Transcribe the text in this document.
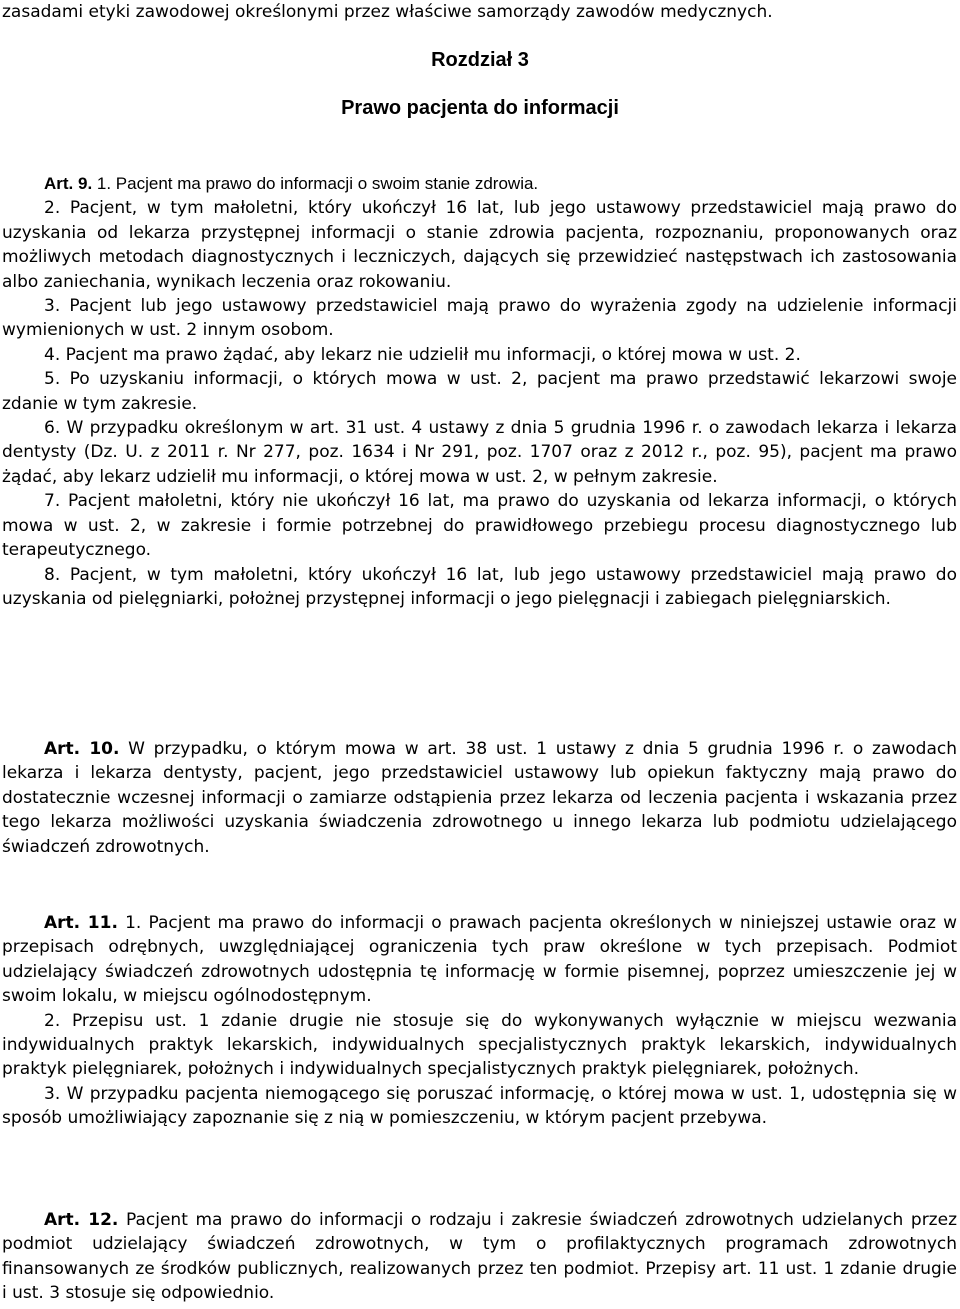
zasadami etyki zawodowej określonymi przez właściwe samorządy zawodów medycznych.

Rozdział 3
Prawo pacjenta do informacji

Art. 9. 1. Pacjent ma prawo do informacji o swoim stanie zdrowia.

2. Pacjent, w tym małoletni, który ukończył 16 lat, lub jego ustawowy przedstawiciel mają prawo do uzyskania od lekarza przystępnej informacji o stanie zdrowia pacjenta, rozpoznaniu, proponowanych oraz możliwych metodach diagnostycznych i leczniczych, dających się przewidzieć następstwach ich zastosowania albo zaniechania, wynikach leczenia oraz rokowaniu.

3. Pacjent lub jego ustawowy przedstawiciel mają prawo do wyrażenia zgody na udzielenie informacji wymienionych w ust. 2 innym osobom.

4. Pacjent ma prawo żądać, aby lekarz nie udzielił mu informacji, o której mowa w ust. 2.

5. Po uzyskaniu informacji, o których mowa w ust. 2, pacjent ma prawo przedstawić lekarzowi swoje zdanie w tym zakresie.

6. W przypadku określonym w art. 31 ust. 4 ustawy z dnia 5 grudnia 1996 r. o zawodach lekarza i lekarza dentysty (Dz. U. z 2011 r. Nr 277, poz. 1634 i Nr 291, poz. 1707 oraz z 2012 r., poz. 95), pacjent ma prawo żądać, aby lekarz udzielił mu informacji, o której mowa w ust. 2, w pełnym zakresie.

7. Pacjent małoletni, który nie ukończył 16 lat, ma prawo do uzyskania od lekarza informacji, o których mowa w ust. 2, w zakresie i formie potrzebnej do prawidłowego przebiegu procesu diagnostycznego lub terapeutycznego.

8. Pacjent, w tym małoletni, który ukończył 16 lat, lub jego ustawowy przedstawiciel mają prawo do uzyskania od pielęgniarki, położnej przystępnej informacji o jego pielęgnacji i zabiegach pielęgniarskich.

Art. 10. W przypadku, o którym mowa w art. 38 ust. 1 ustawy z dnia 5 grudnia 1996 r. o zawodach lekarza i lekarza dentysty, pacjent, jego przedstawiciel ustawowy lub opiekun faktyczny mają prawo do dostatecznie wczesnej informacji o zamiarze odstąpienia przez lekarza od leczenia pacjenta i wskazania przez tego lekarza możliwości uzyskania świadczenia zdrowotnego u innego lekarza lub podmiotu udzielającego świadczeń zdrowotnych.

Art. 11. 1. Pacjent ma prawo do informacji o prawach pacjenta określonych w niniejszej ustawie oraz w przepisach odrębnych, uwzględniającej ograniczenia tych praw określone w tych przepisach. Podmiot udzielający świadczeń zdrowotnych udostępnia tę informację w formie pisemnej, poprzez umieszczenie jej w swoim lokalu, w miejscu ogólnodostępnym.

2. Przepisu ust. 1 zdanie drugie nie stosuje się do wykonywanych wyłącznie w miejscu wezwania indywidualnych praktyk lekarskich, indywidualnych specjalistycznych praktyk lekarskich, indywidualnych praktyk pielęgniarek, położnych i indywidualnych specjalistycznych praktyk pielęgniarek, położnych.

3. W przypadku pacjenta niemogącego się poruszać informację, o której mowa w ust. 1, udostępnia się w sposób umożliwiający zapoznanie się z nią w pomieszczeniu, w którym pacjent przebywa.

Art. 12. Pacjent ma prawo do informacji o rodzaju i zakresie świadczeń zdrowotnych udzielanych przez podmiot udzielający świadczeń zdrowotnych, w tym o profilaktycznych programach zdrowotnych finansowanych ze środków publicznych, realizowanych przez ten podmiot. Przepisy art. 11 ust. 1 zdanie drugie i ust. 3 stosuje się odpowiednio.
